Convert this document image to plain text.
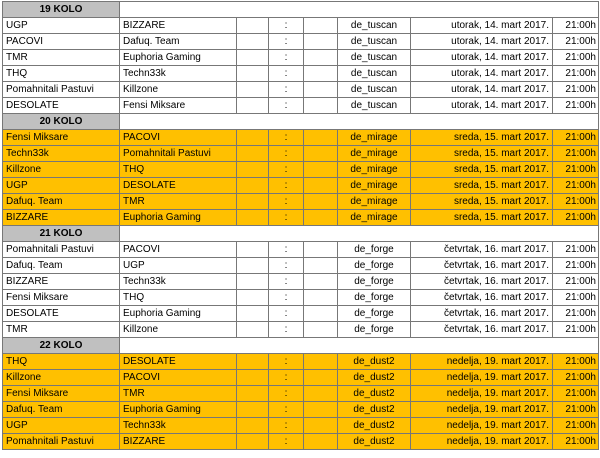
19 KOLO							
UGP	BIZZARE		:		de_tuscan	utorak, 14. mart 2017.	21:00h
PACOVI	Dafuq. Team		:		de_tuscan	utorak, 14. mart 2017.	21:00h
TMR	Euphoria Gaming		:		de_tuscan	utorak, 14. mart 2017.	21:00h
THQ	Techn33k		:		de_tuscan	utorak, 14. mart 2017.	21:00h
Pomahnitali Pastuvi	Killzone		:		de_tuscan	utorak, 14. mart 2017.	21:00h
DESOLATE	Fensi Miksare		:		de_tuscan	utorak, 14. mart 2017.	21:00h
20 KOLO							
Fensi Miksare	PACOVI		:		de_mirage	sreda, 15. mart 2017.	21:00h
Techn33k	Pomahnitali Pastuvi		:		de_mirage	sreda, 15. mart 2017.	21:00h
Killzone	THQ		:		de_mirage	sreda, 15. mart 2017.	21:00h
UGP	DESOLATE		:		de_mirage	sreda, 15. mart 2017.	21:00h
Dafuq. Team	TMR		:		de_mirage	sreda, 15. mart 2017.	21:00h
BIZZARE	Euphoria Gaming		:		de_mirage	sreda, 15. mart 2017.	21:00h
21 KOLO							
Pomahnitali Pastuvi	PACOVI		:		de_forge	četvrtak, 16. mart 2017.	21:00h
Dafuq. Team	UGP		:		de_forge	četvrtak, 16. mart 2017.	21:00h
BIZZARE	Techn33k		:		de_forge	četvrtak, 16. mart 2017.	21:00h
Fensi Miksare	THQ		:		de_forge	četvrtak, 16. mart 2017.	21:00h
DESOLATE	Euphoria Gaming		:		de_forge	četvrtak, 16. mart 2017.	21:00h
TMR	Killzone		:		de_forge	četvrtak, 16. mart 2017.	21:00h
22 KOLO							
THQ	DESOLATE		:		de_dust2	nedelja, 19. mart 2017.	21:00h
Killzone	PACOVI		:		de_dust2	nedelja, 19. mart 2017.	21:00h
Fensi Miksare	TMR		:		de_dust2	nedelja, 19. mart 2017.	21:00h
Dafuq. Team	Euphoria Gaming		:		de_dust2	nedelja, 19. mart 2017.	21:00h
UGP	Techn33k		:		de_dust2	nedelja, 19. mart 2017.	21:00h
Pomahnitali Pastuvi	BIZZARE		:		de_dust2	nedelja, 19. mart 2017.	21:00h
